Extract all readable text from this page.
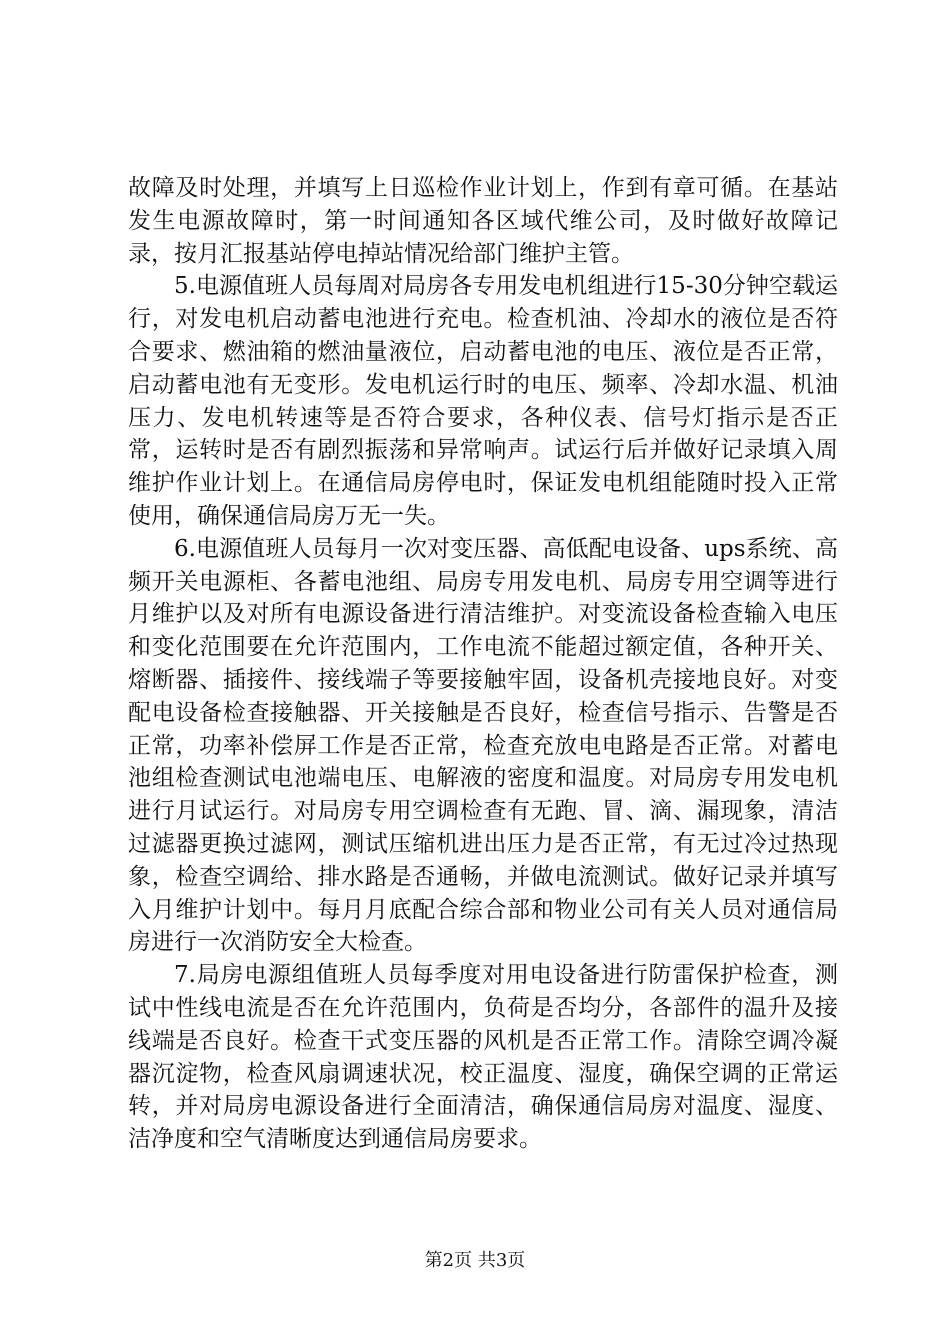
故障及时处理，并填写上日巡检作业计划上，作到有章可循。在基站发生电源故障时，第一时间通知各区域代维公司，及时做好故障记录，按月汇报基站停电掉站情况给部门维护主管。

5.电源值班人员每周对局房各专用发电机组进行15-30分钟空载运行，对发电机启动蓄电池进行充电。检查机油、冷却水的液位是否符合要求、燃油箱的燃油量液位，启动蓄电池的电压、液位是否正常，启动蓄电池有无变形。发电机运行时的电压、频率、冷却水温、机油压力、发电机转速等是否符合要求，各种仪表、信号灯指示是否正常，运转时是否有剧烈振荡和异常响声。试运行后并做好记录填入周维护作业计划上。在通信局房停电时，保证发电机组能随时投入正常使用，确保通信局房万无一失。

6.电源值班人员每月一次对变压器、高低配电设备、ups系统、高频开关电源柜、各蓄电池组、局房专用发电机、局房专用空调等进行月维护以及对所有电源设备进行清洁维护。对变流设备检查输入电压和变化范围要在允许范围内，工作电流不能超过额定值，各种开关、熔断器、插接件、接线端子等要接触牢固，设备机壳接地良好。对变配电设备检查接触器、开关接触是否良好，检查信号指示、告警是否正常，功率补偿屏工作是否正常，检查充放电电路是否正常。对蓄电池组检查测试电池端电压、电解液的密度和温度。对局房专用发电机进行月试运行。对局房专用空调检查有无跑、冒、滴、漏现象，清洁过滤器更换过滤网，测试压缩机进出压力是否正常，有无过冷过热现象，检查空调给、排水路是否通畅，并做电流测试。做好记录并填写入月维护计划中。每月月底配合综合部和物业公司有关人员对通信局房进行一次消防安全大检查。

7.局房电源组值班人员每季度对用电设备进行防雷保护检查，测试中性线电流是否在允许范围内，负荷是否均分，各部件的温升及接线端是否良好。检查干式变压器的风机是否正常工作。清除空调冷凝器沉淀物，检查风扇调速状况，校正温度、湿度，确保空调的正常运转，并对局房电源设备进行全面清洁，确保通信局房对温度、湿度、洁净度和空气清晰度达到通信局房要求。

第2页 共3页
